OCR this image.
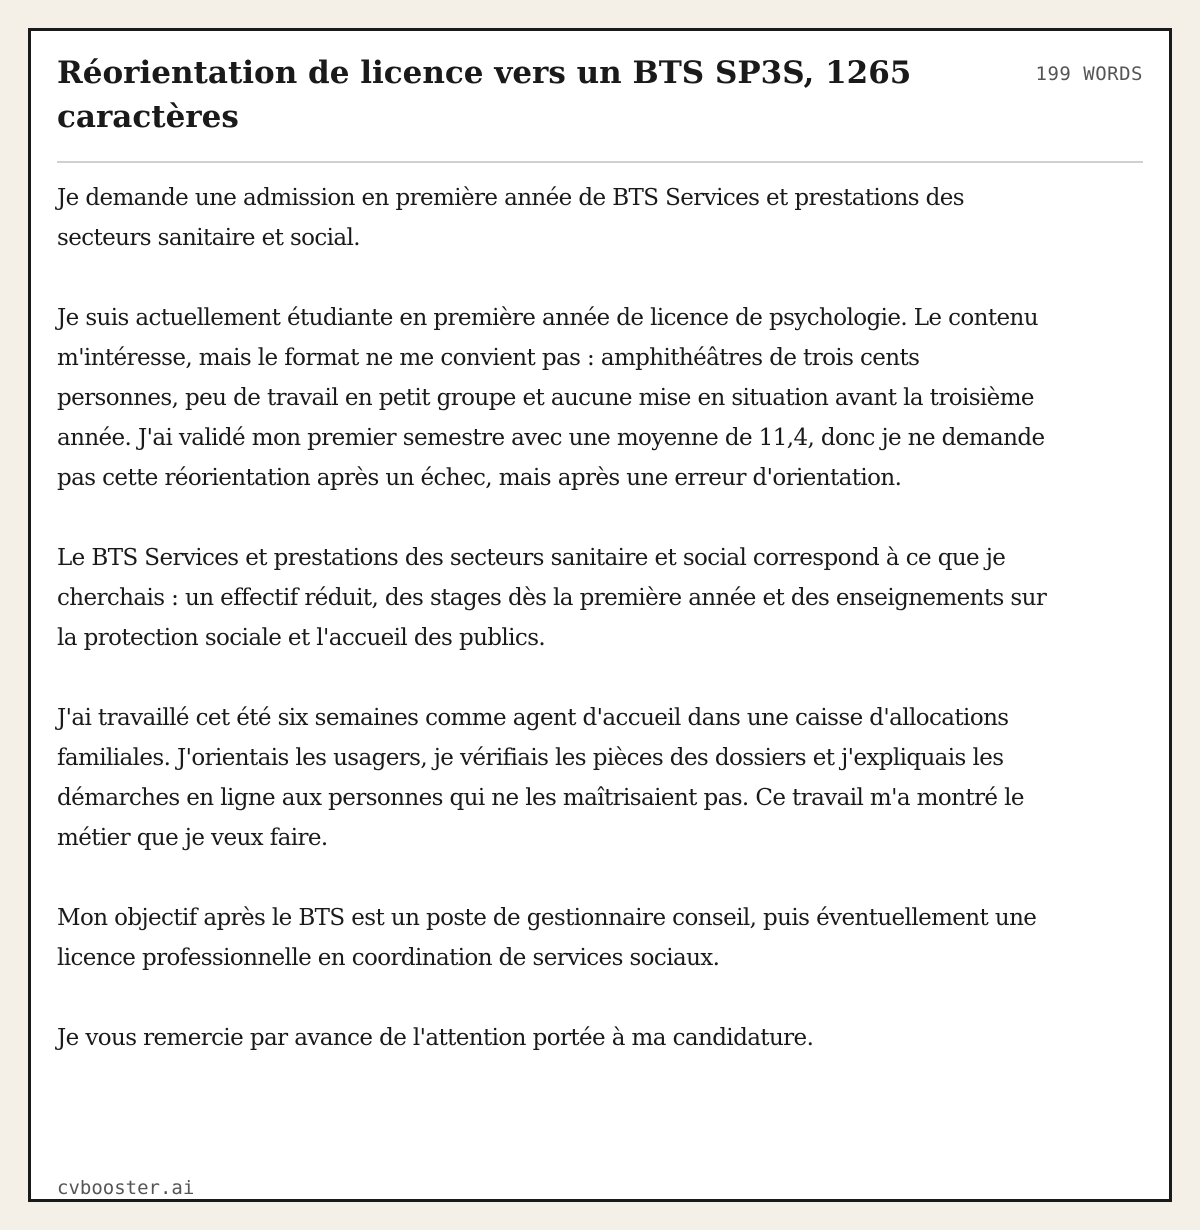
Réorientation de licence vers un BTS SP3S, 1265 caractères
199 WORDS

Je demande une admission en première année de BTS Services et prestations des secteurs sanitaire et social.

Je suis actuellement étudiante en première année de licence de psychologie. Le contenu m'intéresse, mais le format ne me convient pas : amphithéâtres de trois cents personnes, peu de travail en petit groupe et aucune mise en situation avant la troisième année. J'ai validé mon premier semestre avec une moyenne de 11,4, donc je ne demande pas cette réorientation après un échec, mais après une erreur d'orientation.

Le BTS Services et prestations des secteurs sanitaire et social correspond à ce que je cherchais : un effectif réduit, des stages dès la première année et des enseignements sur la protection sociale et l'accueil des publics.

J'ai travaillé cet été six semaines comme agent d'accueil dans une caisse d'allocations familiales. J'orientais les usagers, je vérifiais les pièces des dossiers et j'expliquais les démarches en ligne aux personnes qui ne les maîtrisaient pas. Ce travail m'a montré le métier que je veux faire.

Mon objectif après le BTS est un poste de gestionnaire conseil, puis éventuellement une licence professionnelle en coordination de services sociaux.

Je vous remercie par avance de l'attention portée à ma candidature.

cvbooster.ai
